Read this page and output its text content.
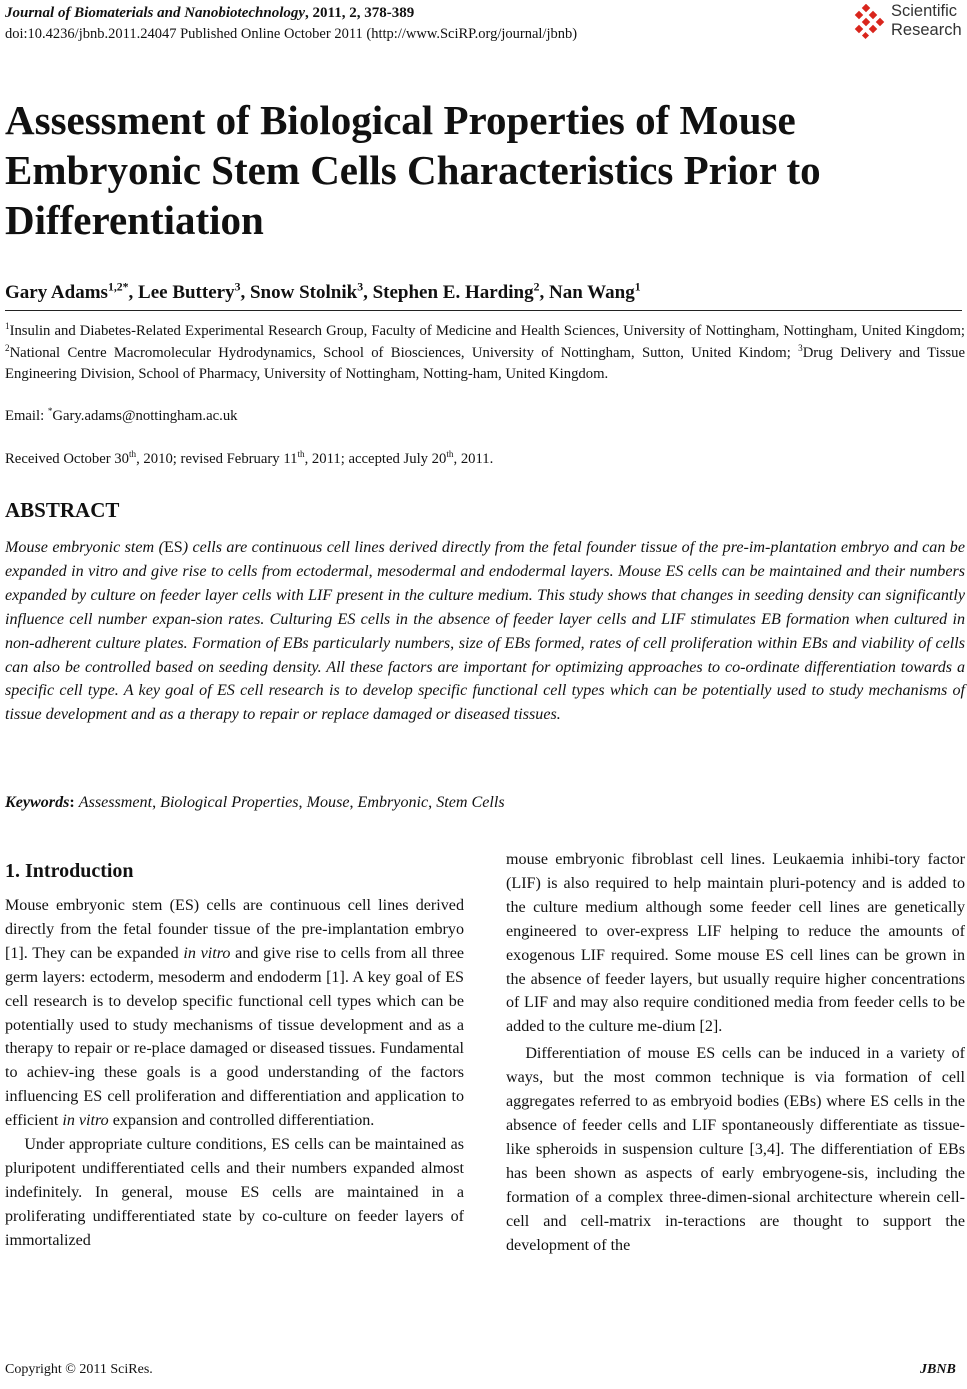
Journal of Biomaterials and Nanobiotechnology, 2011, 2, 378-389
doi:10.4236/jbnb.2011.24047 Published Online October 2011 (http://www.SciRP.org/journal/jbnb)
Scientific
Research
Assessment of Biological Properties of Mouse Embryonic Stem Cells Characteristics Prior to Differentiation
Gary Adams$^{1,2*}$, Lee Buttery$^3$, Snow Stolnik$^3$, Stephen E. Harding$^2$, Nan Wang$^1$
$^1$Insulin and Diabetes-Related Experimental Research Group, Faculty of Medicine and Health Sciences, University of Nottingham, Nottingham, United Kingdom; $^2$National Centre Macromolecular Hydrodynamics, School of Biosciences, University of Nottingham, Sutton, United Kindom; $^3$Drug Delivery and Tissue Engineering Division, School of Pharmacy, University of Nottingham, Notting-ham, United Kingdom.
Email: *Gary.adams@nottingham.ac.uk
Received October 30th, 2010; revised February 11th, 2011; accepted July 20th, 2011.
ABSTRACT

Mouse embryonic stem (ES) cells are continuous cell lines derived directly from the fetal founder tissue of the pre-im-plantation embryo and can be expanded in vitro and give rise to cells from ectodermal, mesodermal and endodermal layers. Mouse ES cells can be maintained and their numbers expanded by culture on feeder layer cells with LIF present in the culture medium. This study shows that changes in seeding density can significantly influence cell number expan-sion rates. Culturing ES cells in the absence of feeder layer cells and LIF stimulates EB formation when cultured in non-adherent culture plates. Formation of EBs particularly numbers, size of EBs formed, rates of cell proliferation within EBs and viability of cells can also be controlled based on seeding density. All these factors are important for optimizing approaches to co-ordinate differentiation towards a specific cell type. A key goal of ES cell research is to develop specific functional cell types which can be potentially used to study mechanisms of tissue development and as a therapy to repair or replace damaged or diseased tissues.

Keywords: Assessment, Biological Properties, Mouse, Embryonic, Stem Cells
1. Introduction

Mouse embryonic stem (ES) cells are continuous cell lines derived directly from the fetal founder tissue of the pre-implantation embryo [1]. They can be expanded in vitro and give rise to cells from all three germ layers: ectoderm, mesoderm and endoderm [1]. A key goal of ES cell research is to develop specific functional cell types which can be potentially used to study mechanisms of tissue development and as a therapy to repair or re-place damaged or diseased tissues. Fundamental to achiev-ing these goals is a good understanding of the factors influencing ES cell proliferation and differentiation and application to efficient in vitro expansion and controlled differentiation.

Under appropriate culture conditions, ES cells can be maintained as pluripotent undifferentiated cells and their numbers expanded almost indefinitely. In general, mouse ES cells are maintained in a proliferating undifferentiated state by co-culture on feeder layers of immortalized

mouse embryonic fibroblast cell lines. Leukaemia inhibi-tory factor (LIF) is also required to help maintain pluri-potency and is added to the culture medium although some feeder cell lines are genetically engineered to over-express LIF helping to reduce the amounts of exogenous LIF required. Some mouse ES cell lines can be grown in the absence of feeder layers, but usually require higher concentrations of LIF and may also require conditioned media from feeder cells to be added to the culture me-dium [2].

Differentiation of mouse ES cells can be induced in a variety of ways, but the most common technique is via formation of cell aggregates referred to as embryoid bodies (EBs) where ES cells in the absence of feeder cells and LIF spontaneously differentiate as tissue-like spheroids in suspension culture [3,4]. The differentiation of EBs has been shown as aspects of early embryogene-sis, including the formation of a complex three-dimen-sional architecture wherein cell-cell and cell-matrix in-teractions are thought to support the development of the

Copyright © 2011 SciRes.	JBNB
